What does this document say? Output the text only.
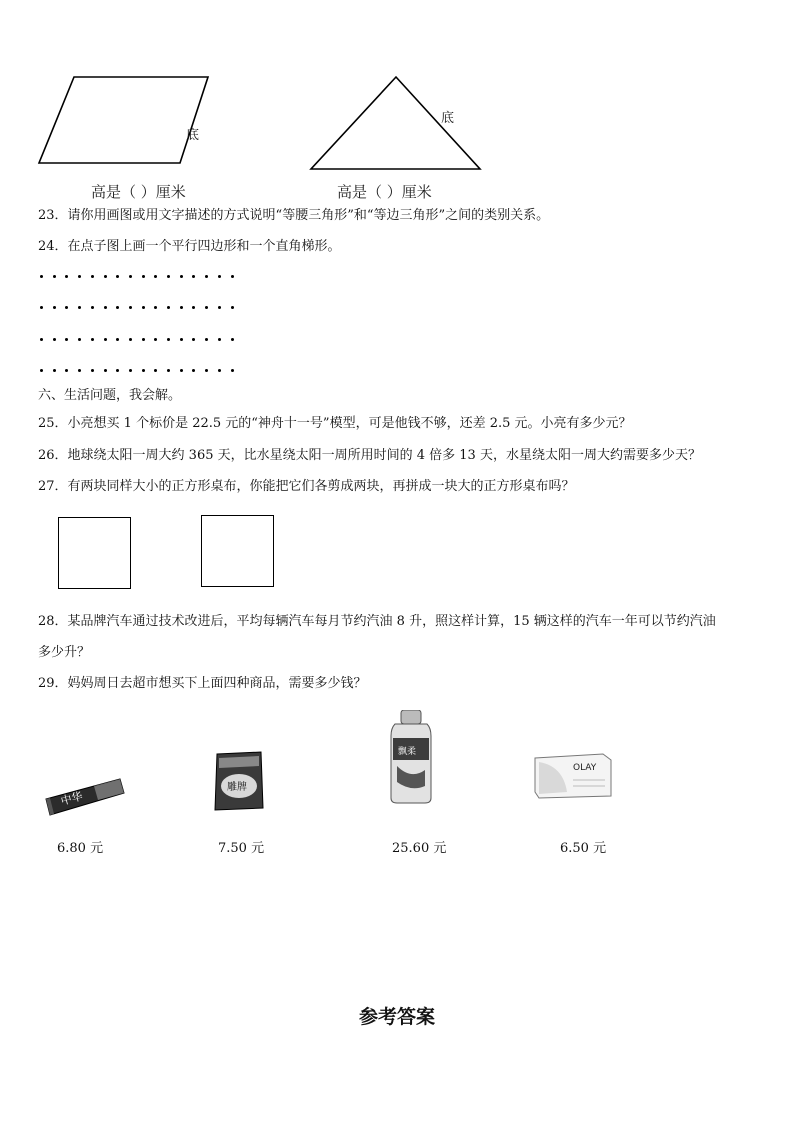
底
高是（ ）厘米
底
高是（ ）厘米
23．请你用画图或用文字描述的方式说明“等腰三角形”和“等边三角形”之间的类别关系。
24．在点子图上画一个平行四边形和一个直角梯形。
六、生活问题，我会解。
25．小亮想买 1 个标价是 22.5 元的“神舟十一号”模型，可是他钱不够，还差 2.5 元。小亮有多少元？
26．地球绕太阳一周大约 365 天，比水星绕太阳一周所用时间的 4 倍多 13 天，水星绕太阳一周大约需要多少天？
27．有两块同样大小的正方形桌布，你能把它们各剪成两块，再拼成一块大的正方形桌布吗？
28．某品牌汽车通过技术改进后，平均每辆汽车每月节约汽油 8 升，照这样计算，15 辆这样的汽车一年可以节约汽油
多少升？
29．妈妈周日去超市想买下上面四种商品，需要多少钱？
中华
6.80 元
雕牌
7.50 元
飘柔
25.60 元
OLAY
6.50 元
参考答案
